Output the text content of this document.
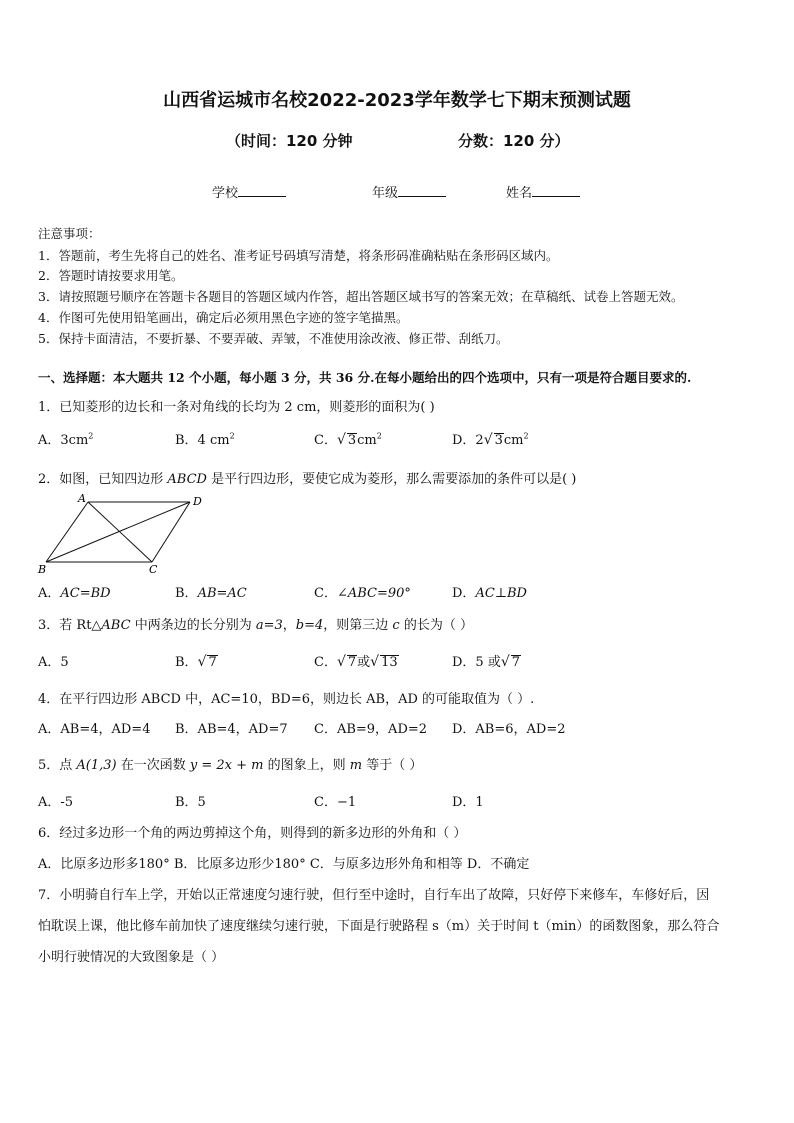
山西省运城市名校2022-2023学年数学七下期末预测试题
（时间：120 分钟	分数：120 分）
学校	年级	姓名
注意事项：
1．答题前，考生先将自己的姓名、准考证号码填写清楚，将条形码准确粘贴在条形码区域内。
2．答题时请按要求用笔。
3．请按照题号顺序在答题卡各题目的答题区域内作答，超出答题区域书写的答案无效；在草稿纸、试卷上答题无效。
4．作图可先使用铅笔画出，确定后必须用黑色字迹的签字笔描黑。
5．保持卡面清洁，不要折暴、不要弄破、弄皱，不准使用涂改液、修正带、刮纸刀。
一、选择题：本大题共 12 个小题，每小题 3 分，共 36 分.在每小题给出的四个选项中，只有一项是符合题目要求的.
1．已知菱形的边长和一条对角线的长均为 2 cm，则菱形的面积为( )
A．$3cm^2$	B．4 $cm^2$	C．√ $3cm^2$	D．2√ $3cm^2$
2．如图，已知四边形 ABCD 是平行四边形，要使它成为菱形，那么需要添加的条件可以是( )
A	D
B	C
A．AC=BD	B．AB=AC	C．∠ABC=90°	D．AC⊥BD
3．若 Rt△ABC 中两条边的长分别为 a=3，b=4，则第三边 c 的长为（ ）
A．5	B．√ 7	C．√ 7或√ 13	D．5 或√ 7
4．在平行四边形 ABCD 中，AC=10，BD=6，则边长 AB，AD 的可能取值为（ ）.
A．AB=4，AD=4 B．AB=4，AD=7 C．AB=9，AD=2 D．AB=6，AD=2
5．点 A(1,3) 在一次函数 y = 2x + m 的图象上，则 m 等于（ ）
A．-5	B．5	C．−1	D．1
6．经过多边形一个角的两边剪掉这个角，则得到的新多边形的外角和（ ）
A．比原多边形多180° B．比原多边形少180° C．与原多边形外角和相等 D．不确定
7．小明骑自行车上学，开始以正常速度匀速行驶，但行至中途时，自行车出了故障，只好停下来修车，车修好后，因
怕耽误上课，他比修车前加快了速度继续匀速行驶，下面是行驶路程 s（m）关于时间 t（min）的函数图象，那么符合
小明行驶情况的大致图象是（ ）
